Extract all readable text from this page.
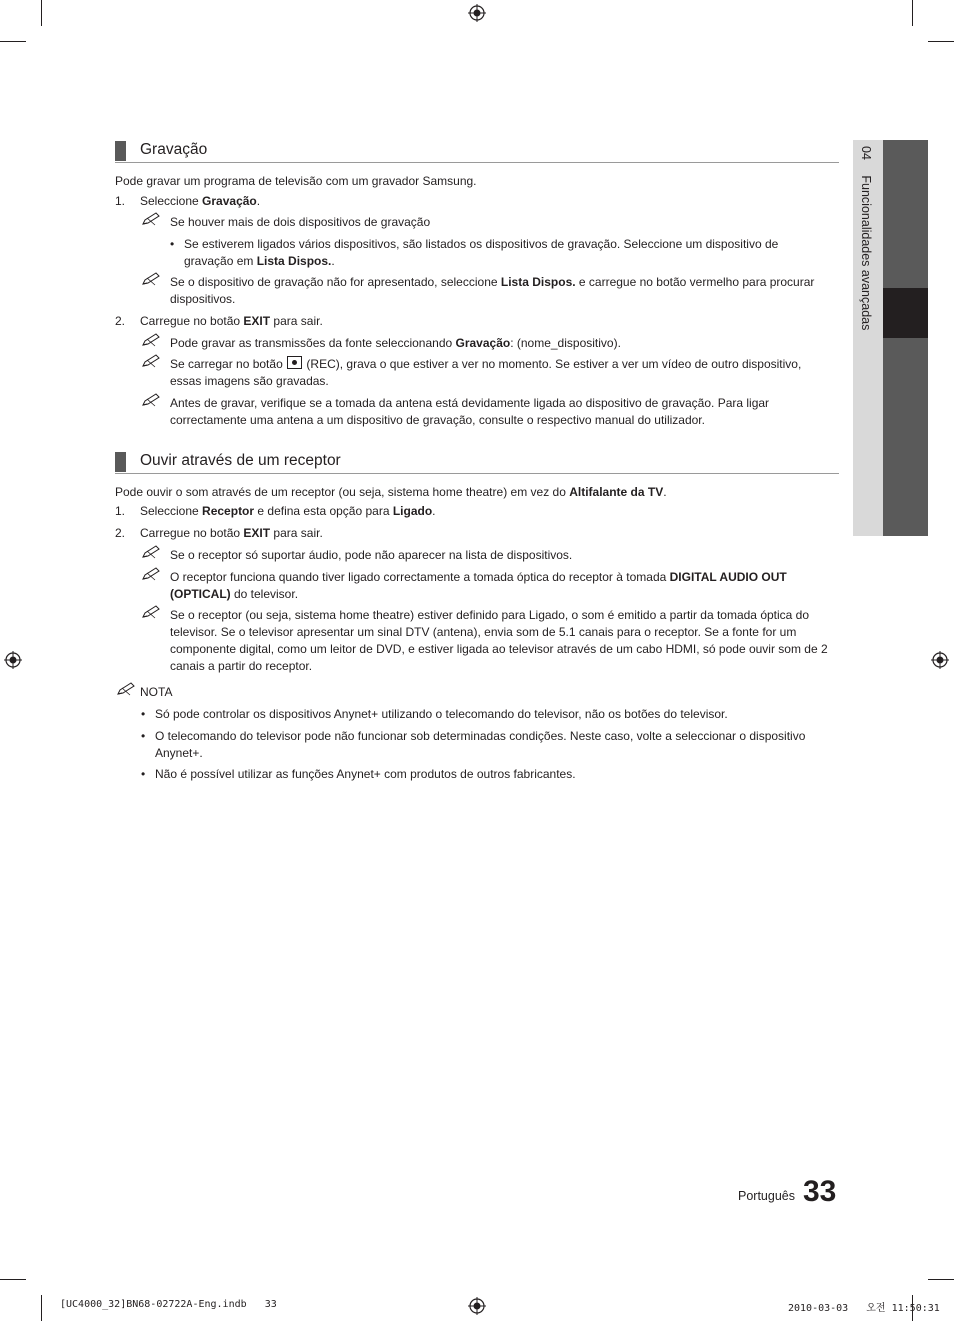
04 Funcionalidades avançadas
Gravação
Pode gravar um programa de televisão com um gravador Samsung.
1. Seleccione Gravação.
Se houver mais de dois dispositivos de gravação
• Se estiverem ligados vários dispositivos, são listados os dispositivos de gravação. Seleccione um dispositivo de gravação em Lista Dispos..
Se o dispositivo de gravação não for apresentado, seleccione Lista Dispos. e carregue no botão vermelho para procurar dispositivos.
2. Carregue no botão EXIT para sair.
Pode gravar as transmissões da fonte seleccionando Gravação: (nome_dispositivo).
Se carregar no botão  (REC), grava o que estiver a ver no momento. Se estiver a ver um vídeo de outro dispositivo, essas imagens são gravadas.
Antes de gravar, verifique se a tomada da antena está devidamente ligada ao dispositivo de gravação. Para ligar correctamente uma antena a um dispositivo de gravação, consulte o respectivo manual do utilizador.
Ouvir através de um receptor
Pode ouvir o som através de um receptor (ou seja, sistema home theatre) em vez do Altifalante da TV.
1. Seleccione Receptor e defina esta opção para Ligado.
2. Carregue no botão EXIT para sair.
Se o receptor só suportar áudio, pode não aparecer na lista de dispositivos.
O receptor funciona quando tiver ligado correctamente a tomada óptica do receptor à tomada DIGITAL AUDIO OUT (OPTICAL) do televisor.
Se o receptor (ou seja, sistema home theatre) estiver definido para Ligado, o som é emitido a partir da tomada óptica do televisor. Se o televisor apresentar um sinal DTV (antena), envia som de 5.1 canais para o receptor. Se a fonte for um componente digital, como um leitor de DVD, e estiver ligada ao televisor através de um cabo HDMI, só pode ouvir som de 2 canais a partir do receptor.
NOTA
• Só pode controlar os dispositivos Anynet+ utilizando o telecomando do televisor, não os botões do televisor.
• O telecomando do televisor pode não funcionar sob determinadas condições. Neste caso, volte a seleccionar o dispositivo Anynet+.
• Não é possível utilizar as funções Anynet+ com produtos de outros fabricantes.
Português 33
[UC4000_32]BN68-02722A-Eng.indb   33	2010-03-03   오전 11:50:31
